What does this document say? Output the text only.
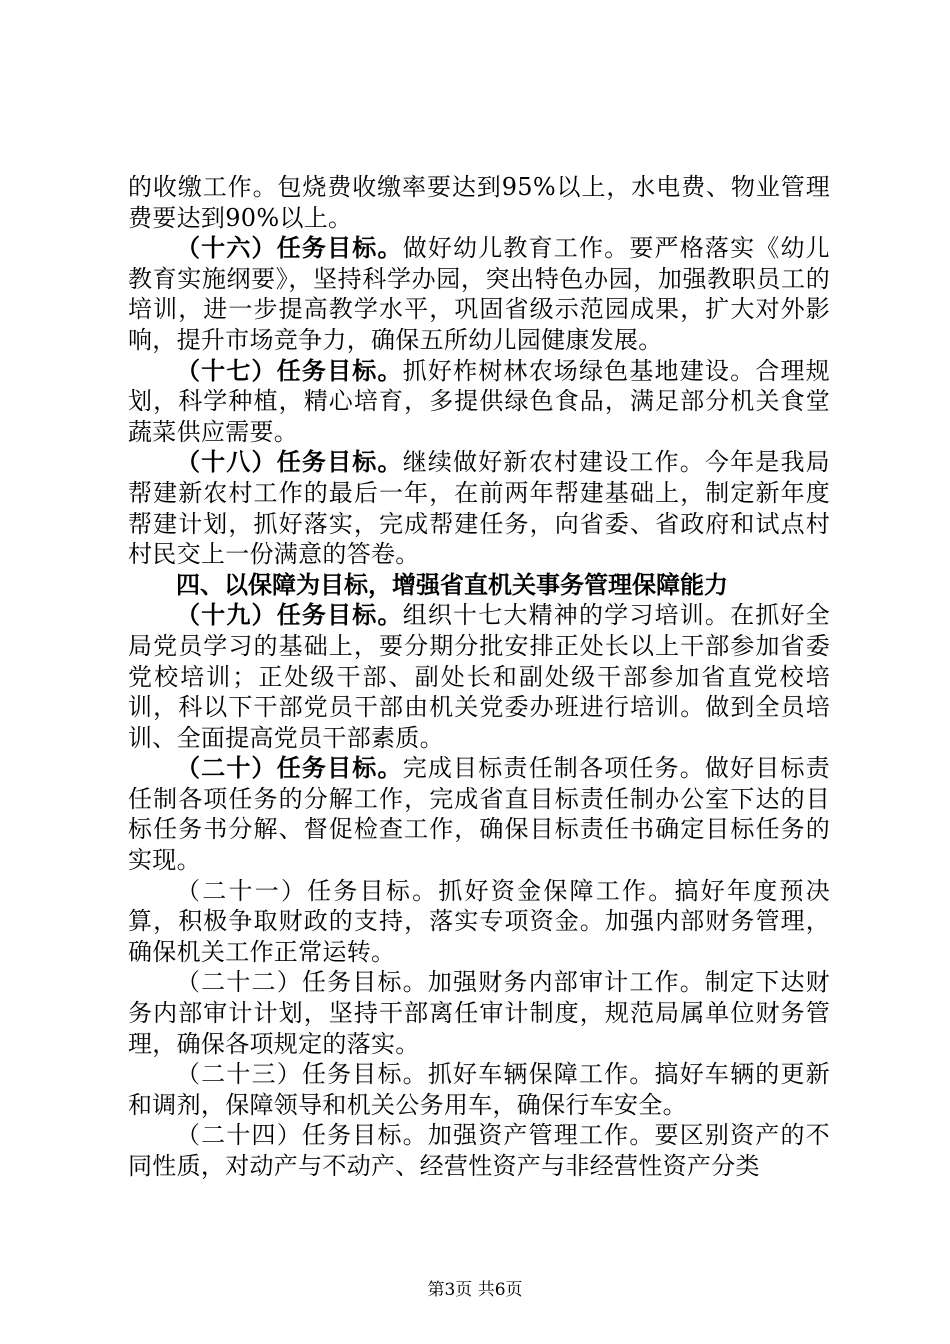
的收缴工作。包烧费收缴率要达到95%以上，水电费、物业管理费要达到90%以上。

（十六）任务目标。做好幼儿教育工作。要严格落实《幼儿教育实施纲要》，坚持科学办园，突出特色办园，加强教职员工的培训，进一步提高教学水平，巩固省级示范园成果，扩大对外影响，提升市场竞争力，确保五所幼儿园健康发展。

（十七）任务目标。抓好柞树林农场绿色基地建设。合理规划，科学种植，精心培育，多提供绿色食品，满足部分机关食堂蔬菜供应需要。

（十八）任务目标。继续做好新农村建设工作。今年是我局帮建新农村工作的最后一年，在前两年帮建基础上，制定新年度帮建计划，抓好落实，完成帮建任务，向省委、省政府和试点村村民交上一份满意的答卷。

四、以保障为目标，增强省直机关事务管理保障能力

（十九）任务目标。组织十七大精神的学习培训。在抓好全局党员学习的基础上，要分期分批安排正处长以上干部参加省委党校培训；正处级干部、副处长和副处级干部参加省直党校培训，科以下干部党员干部由机关党委办班进行培训。做到全员培训、全面提高党员干部素质。

（二十）任务目标。完成目标责任制各项任务。做好目标责任制各项任务的分解工作，完成省直目标责任制办公室下达的目标任务书分解、督促检查工作，确保目标责任书确定目标任务的实现。

（二十一）任务目标。抓好资金保障工作。搞好年度预决算，积极争取财政的支持，落实专项资金。加强内部财务管理，确保机关工作正常运转。

（二十二）任务目标。加强财务内部审计工作。制定下达财务内部审计计划，坚持干部离任审计制度，规范局属单位财务管理，确保各项规定的落实。

（二十三）任务目标。抓好车辆保障工作。搞好车辆的更新和调剂，保障领导和机关公务用车，确保行车安全。

（二十四）任务目标。加强资产管理工作。要区别资产的不同性质，对动产与不动产、经营性资产与非经营性资产分类

第3页 共6页
